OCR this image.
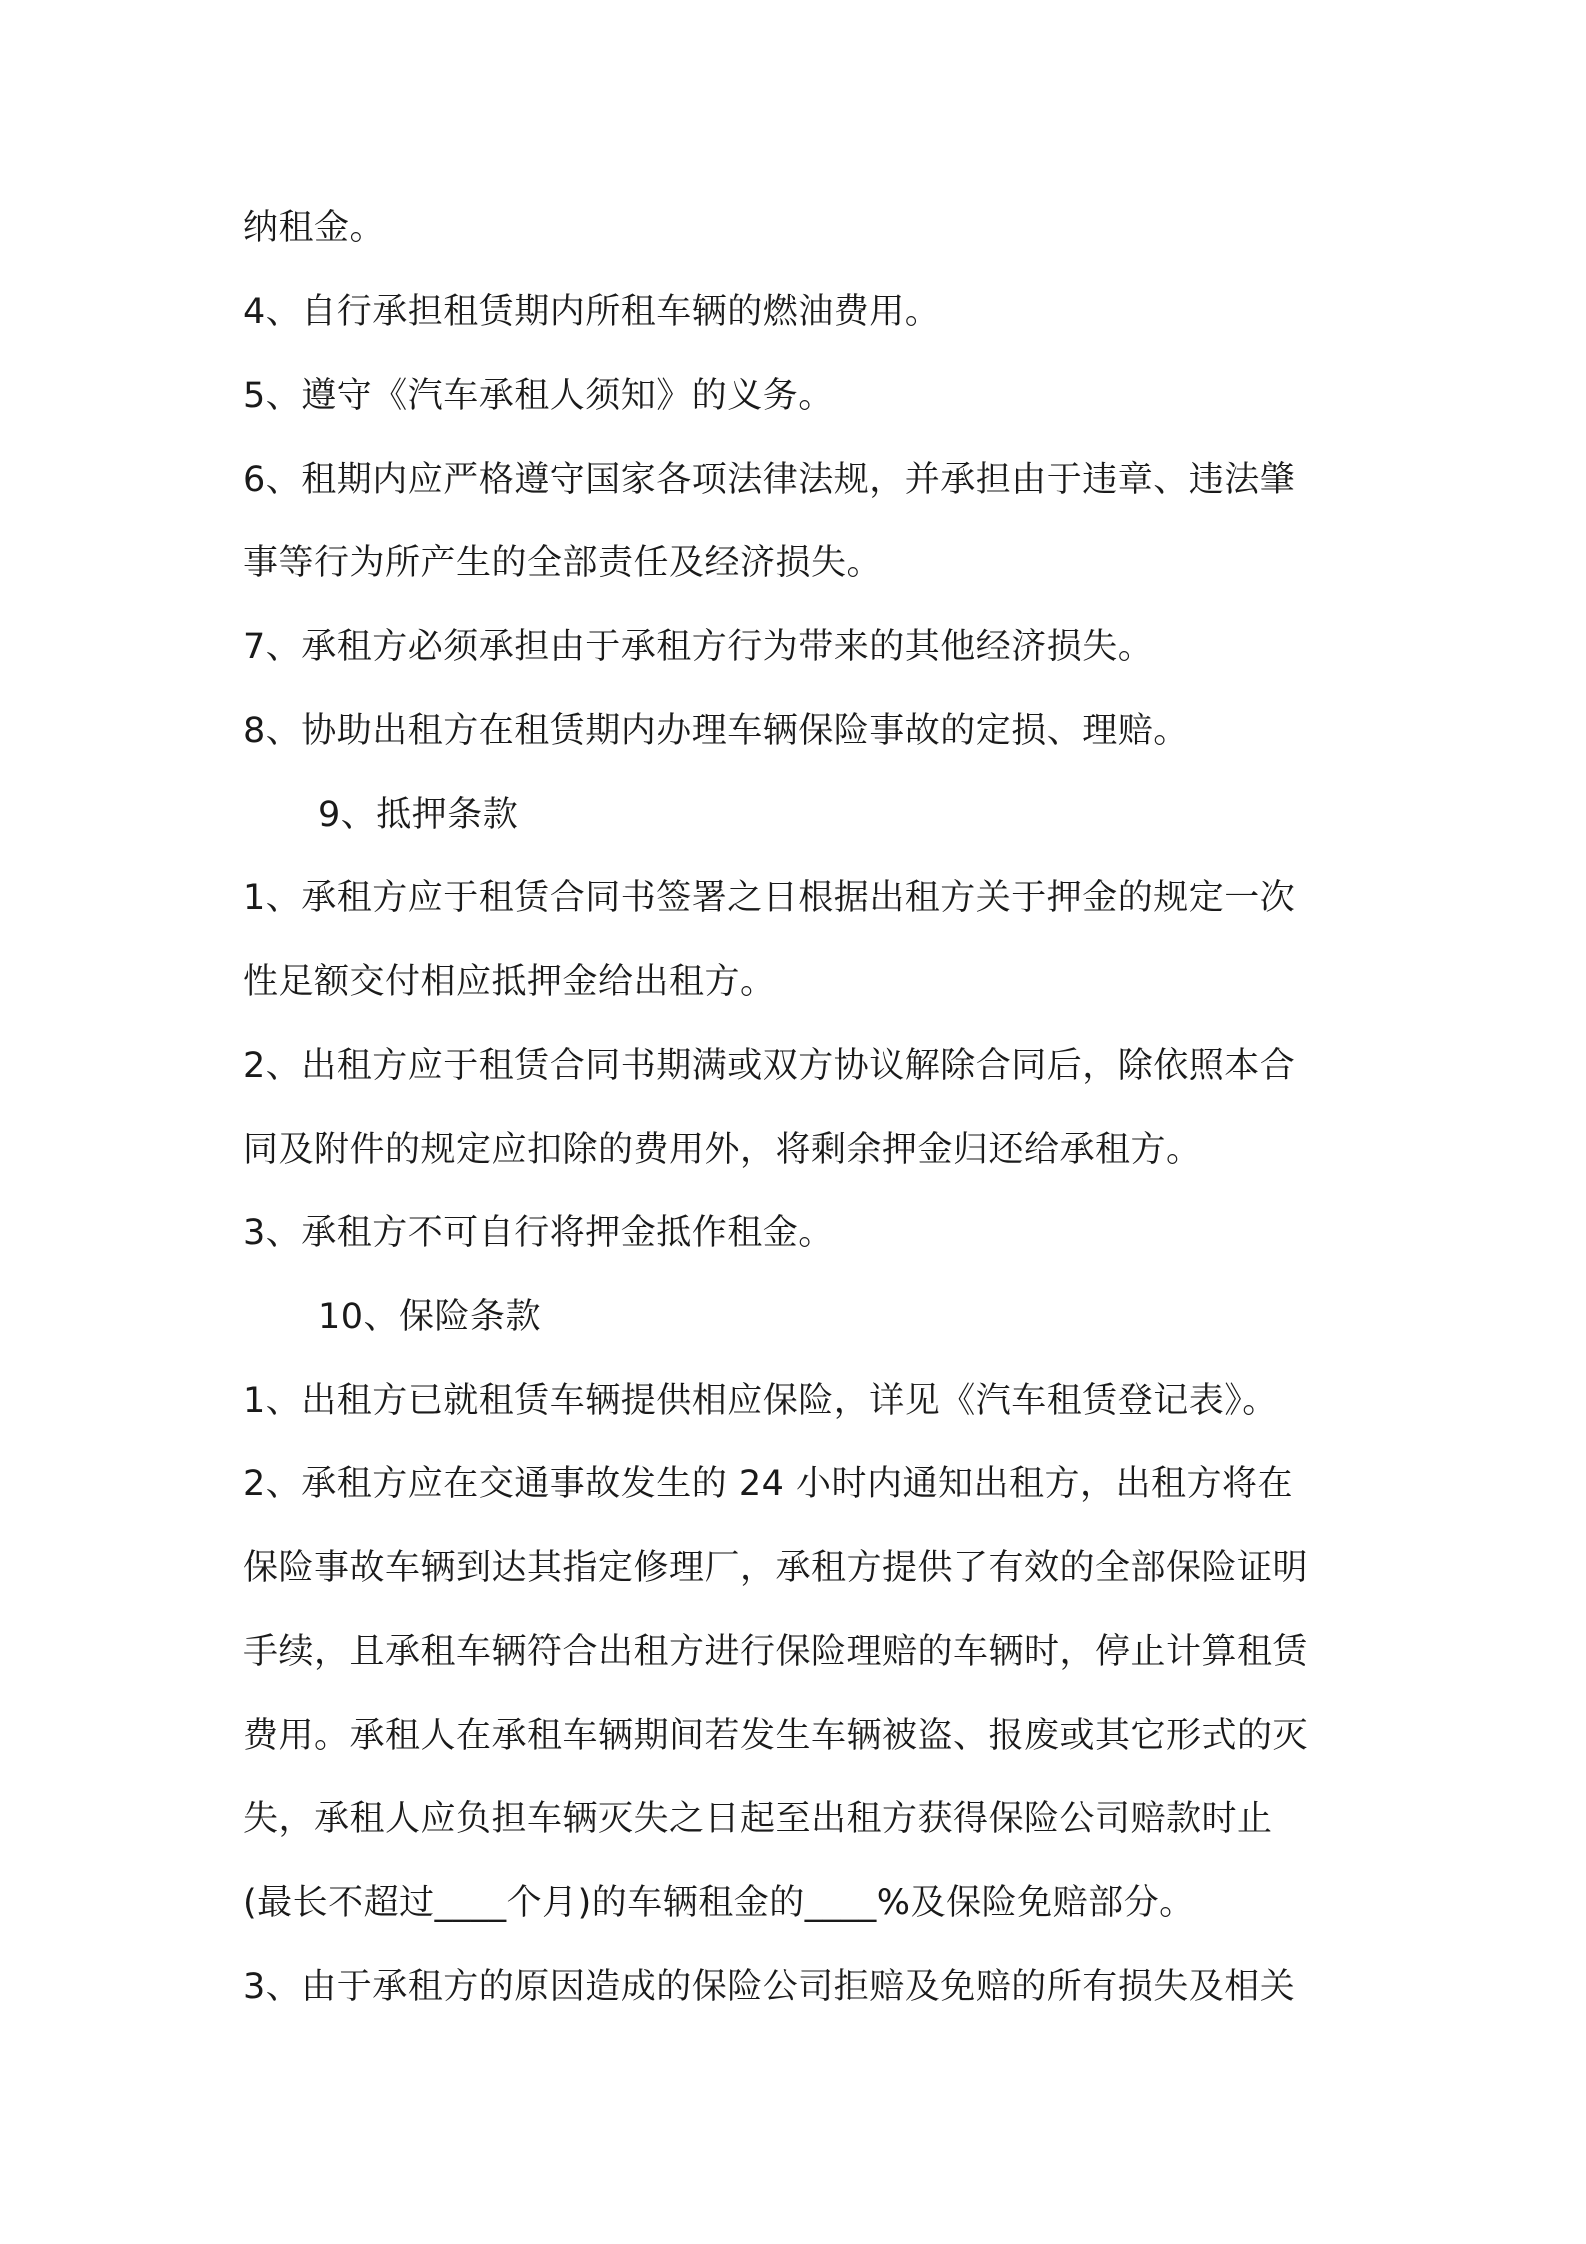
纳租金。
4、自行承担租赁期内所租车辆的燃油费用。
5、遵守《汽车承租人须知》的义务。
6、租期内应严格遵守国家各项法律法规，并承担由于违章、违法肇
事等行为所产生的全部责任及经济损失。
7、承租方必须承担由于承租方行为带来的其他经济损失。
8、协助出租方在租赁期内办理车辆保险事故的定损、理赔。
9、抵押条款
1、承租方应于租赁合同书签署之日根据出租方关于押金的规定一次
性足额交付相应抵押金给出租方。
2、出租方应于租赁合同书期满或双方协议解除合同后，除依照本合
同及附件的规定应扣除的费用外，将剩余押金归还给承租方。
3、承租方不可自行将押金抵作租金。
10、保险条款
1、出租方已就租赁车辆提供相应保险，详见《汽车租赁登记表》。
2、承租方应在交通事故发生的 24 小时内通知出租方，出租方将在
保险事故车辆到达其指定修理厂，承租方提供了有效的全部保险证明
手续，且承租车辆符合出租方进行保险理赔的车辆时，停止计算租赁
费用。承租人在承租车辆期间若发生车辆被盗、报废或其它形式的灭
失，承租人应负担车辆灭失之日起至出租方获得保险公司赔款时止
(最长不超过____个月)的车辆租金的____%及保险免赔部分。
3、由于承租方的原因造成的保险公司拒赔及免赔的所有损失及相关
